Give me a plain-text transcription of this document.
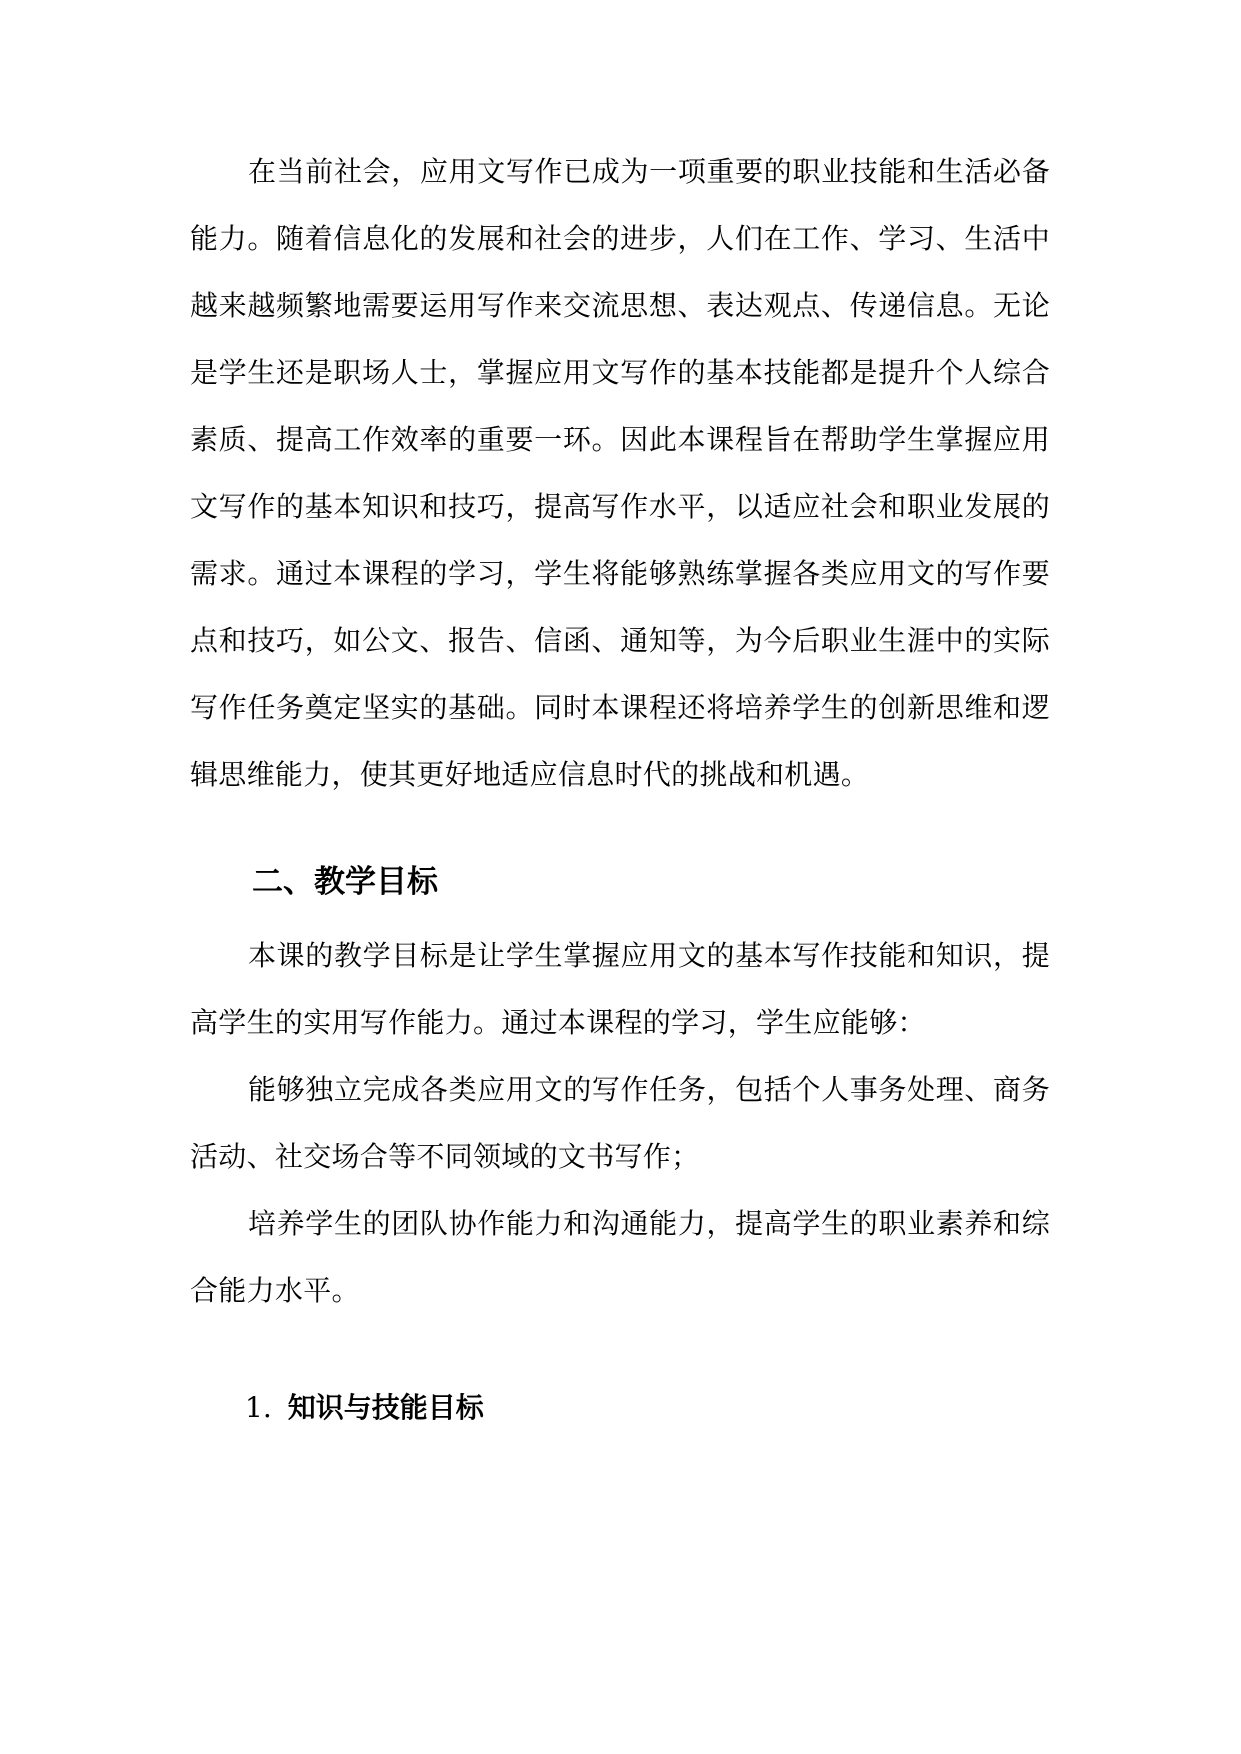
在当前社会，应用文写作已成为一项重要的职业技能和生活必备能力。随着信息化的发展和社会的进步，人们在工作、学习、生活中越来越频繁地需要运用写作来交流思想、表达观点、传递信息。无论是学生还是职场人士，掌握应用文写作的基本技能都是提升个人综合素质、提高工作效率的重要一环。因此本课程旨在帮助学生掌握应用文写作的基本知识和技巧，提高写作水平，以适应社会和职业发展的需求。通过本课程的学习，学生将能够熟练掌握各类应用文的写作要点和技巧，如公文、报告、信函、通知等，为今后职业生涯中的实际写作任务奠定坚实的基础。同时本课程还将培养学生的创新思维和逻辑思维能力，使其更好地适应信息时代的挑战和机遇。

二、教学目标

本课的教学目标是让学生掌握应用文的基本写作技能和知识，提高学生的实用写作能力。通过本课程的学习，学生应能够：

能够独立完成各类应用文的写作任务，包括个人事务处理、商务活动、社交场合等不同领域的文书写作；

培养学生的团队协作能力和沟通能力，提高学生的职业素养和综合能力水平。

1. 知识与技能目标
